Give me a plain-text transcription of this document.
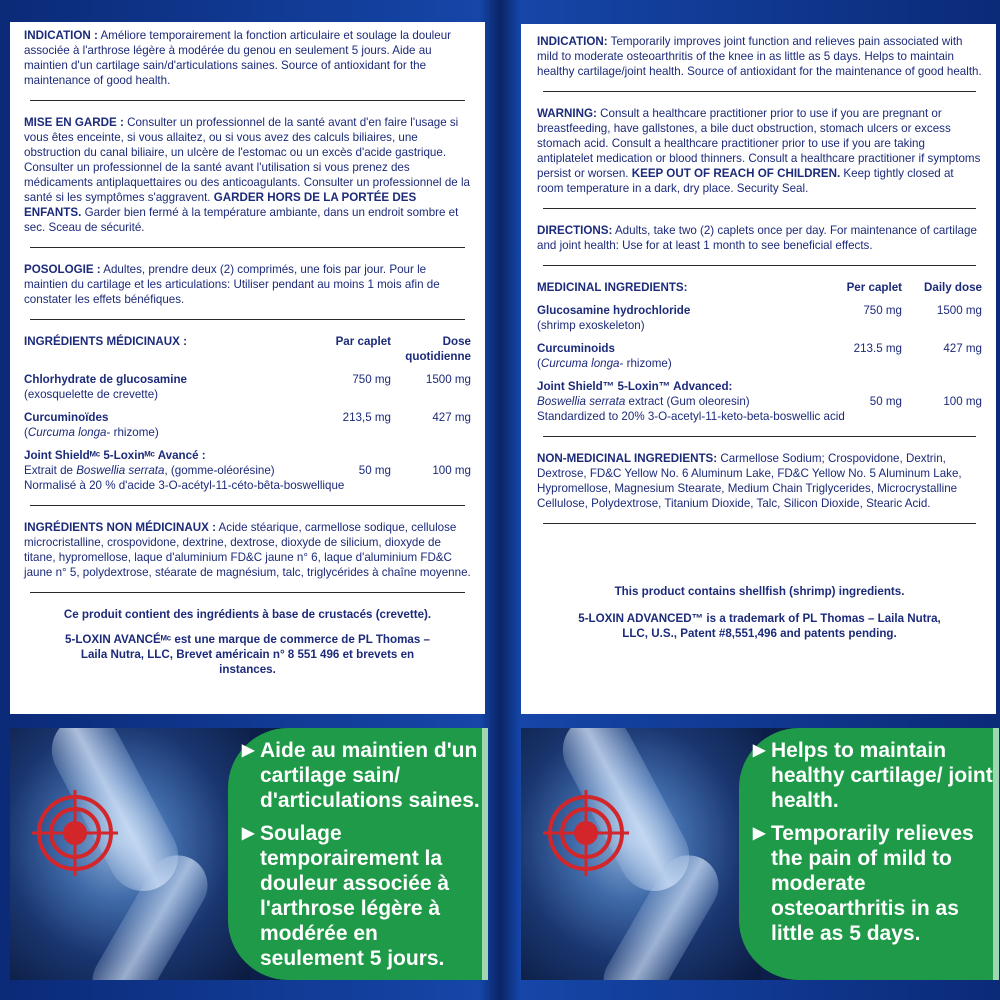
INDICATION : Améliore temporairement la fonction articulaire et soulage la douleur associée à l'arthrose légère à modérée du genou en seulement 5 jours. Aide au maintien d'un cartilage sain/d'articulations saines. Source of antioxidant for the maintenance of good health.

MISE EN GARDE : Consulter un professionnel de la santé avant d'en faire l'usage si vous êtes enceinte, si vous allaitez, ou si vous avez des calculs biliaires, une obstruction du canal biliaire, un ulcère de l'estomac ou un excès d'acide gastrique. Consulter un professionnel de la santé avant l'utilisation si vous prenez des médicaments antiplaquettaires ou des anticoagulants. Consulter un professionnel de la santé si les symptômes s'aggravent. GARDER HORS DE LA PORTÉE DES ENFANTS. Garder bien fermé à la température ambiante, dans un endroit sombre et sec. Sceau de sécurité.

POSOLOGIE : Adultes, prendre deux (2) comprimés, une fois par jour. Pour le maintien du cartilage et les articulations: Utiliser pendant au moins 1 mois afin de constater les effets bénéfiques.

INGRÉDIENTS MÉDICINAUX :	Par caplet	Dose quotidienne
Chlorhydrate de glucosamine
(exosquelette de crevette)
750 mg	1500 mg
Curcuminoïdes
(Curcuma longa- rhizome)
213,5 mg	427 mg
Joint Shieldᴹᶜ 5-Loxinᴹᶜ Avancé :
Extrait de Boswellia serrata, (gomme-oléorésine)	50 mg	100 mg
Normalisé à 20 % d'acide 3-O-acétyl-11-céto-bêta-boswellique

INGRÉDIENTS NON MÉDICINAUX : Acide stéarique, carmellose sodique, cellulose microcristalline, crospovidone, dextrine, dextrose, dioxyde de silicium, dioxyde de titane, hypromellose, laque d'aluminium FD&C jaune n° 6, laque d'aluminium FD&C jaune n° 5, polydextrose, stéarate de magnésium, talc, triglycérides à chaîne moyenne.

Ce produit contient des ingrédients à base de crustacés (crevette).

5-LOXIN AVANCÉᴹᶜ est une marque de commerce de PL Thomas – Laila Nutra, LLC, Brevet américain n° 8 551 496 et brevets en instances.

INDICATION: Temporarily improves joint function and relieves pain associated with mild to moderate osteoarthritis of the knee in as little as 5 days. Helps to maintain healthy cartilage/joint health. Source of antioxidant for the maintenance of good health.

WARNING: Consult a healthcare practitioner prior to use if you are pregnant or breastfeeding, have gallstones, a bile duct obstruction, stomach ulcers or excess stomach acid. Consult a healthcare practitioner prior to use if you are taking antiplatelet medication or blood thinners. Consult a healthcare practitioner if symptoms persist or worsen. KEEP OUT OF REACH OF CHILDREN. Keep tightly closed at room temperature in a dark, dry place. Security Seal.

DIRECTIONS: Adults, take two (2) caplets once per day. For maintenance of cartilage and joint health: Use for at least 1 month to see beneficial effects.

MEDICINAL INGREDIENTS:	Per caplet	Daily dose
Glucosamine hydrochloride
(shrimp exoskeleton)
750 mg	1500 mg
Curcuminoids
(Curcuma longa- rhizome)
213.5 mg	427 mg
Joint Shield™ 5-Loxin™ Advanced:
Boswellia serrata extract (Gum oleoresin)	50 mg	100 mg
Standardized to 20% 3-O-acetyl-11-keto-beta-boswellic acid

NON-MEDICINAL INGREDIENTS: Carmellose Sodium; Crospovidone, Dextrin, Dextrose, FD&C Yellow No. 6 Aluminum Lake, FD&C Yellow No. 5 Aluminum Lake, Hypromellose, Magnesium Stearate, Medium Chain Triglycerides, Microcrystalline Cellulose, Polydextrose, Titanium Dioxide, Talc, Silicon Dioxide, Stearic Acid.

This product contains shellfish (shrimp) ingredients.

5-LOXIN ADVANCED™ is a trademark of PL Thomas – Laila Nutra, LLC, U.S., Patent #8,551,496 and patents pending.

▶ Aide au maintien d'un cartilage sain/ d'articulations saines.
▶ Soulage temporairement la douleur associée à l'arthrose légère à modérée en seulement 5 jours.
▶ Helps to maintain healthy cartilage/ joint health.
▶ Temporarily relieves the pain of mild to moderate osteoarthritis in as little as 5 days.
